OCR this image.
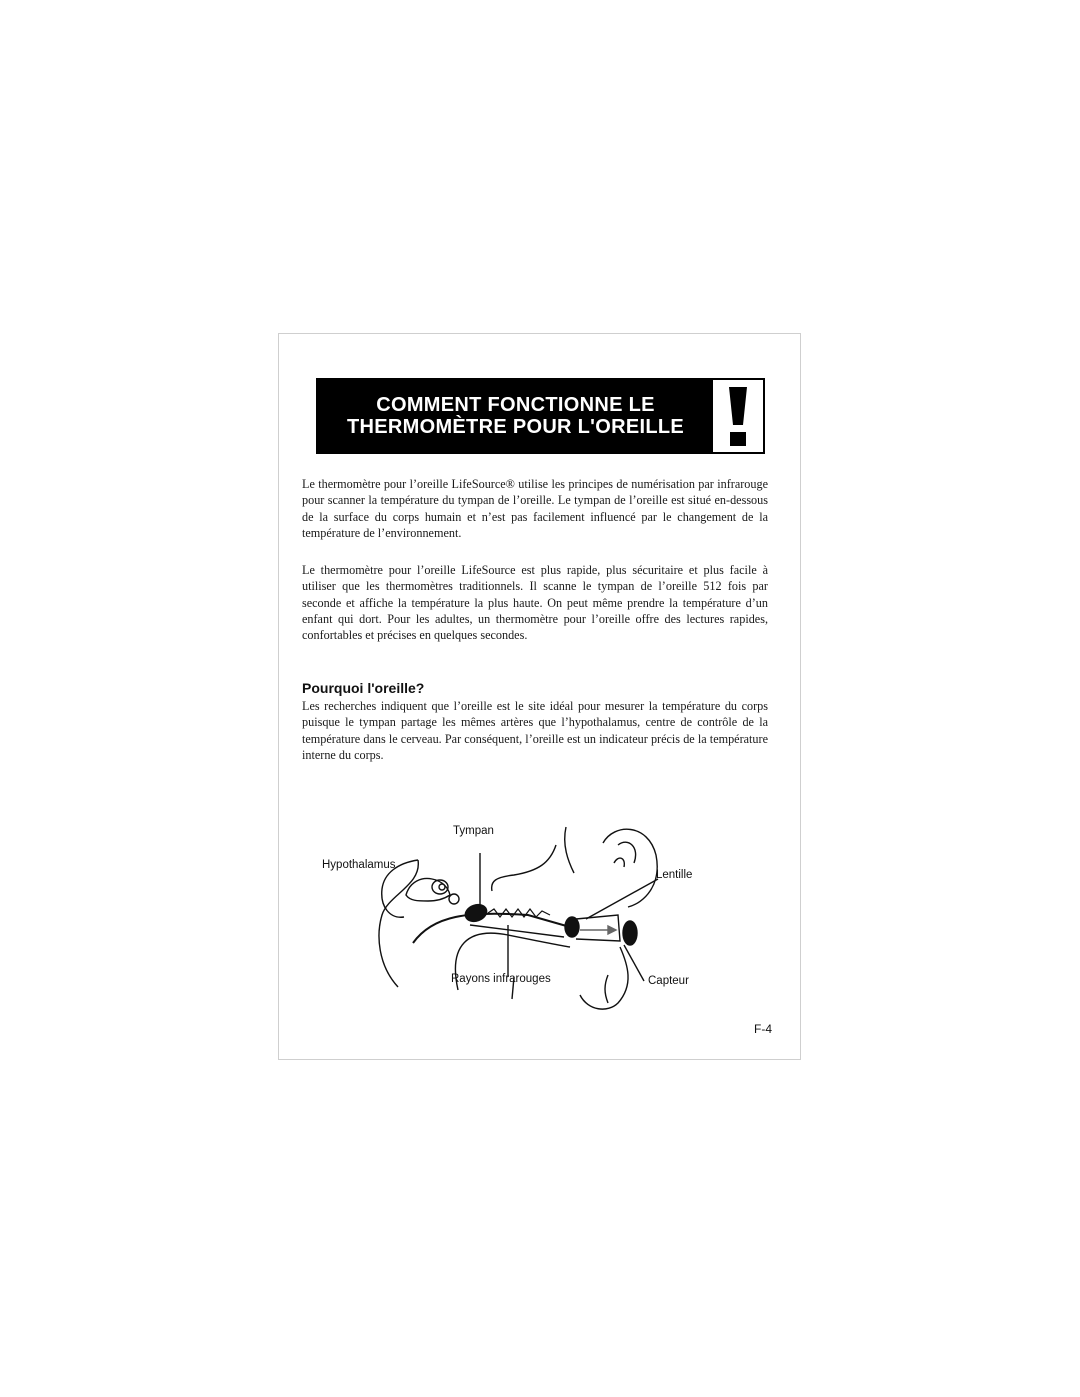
COMMENT FONCTIONNE LE
THERMOMÈTRE POUR L'OREILLE
Le thermomètre pour l’oreille LifeSource® utilise les principes de numérisation par infrarouge pour scanner la température du tympan de l’oreille. Le tympan de l’oreille est situé en-dessous de la surface du corps humain et n’est pas facilement influencé par le changement de la température de l’environnement.
Le thermomètre pour l’oreille LifeSource est plus rapide, plus sécuritaire et plus facile à utiliser que les thermomètres traditionnels. Il scanne le tympan de l’oreille 512 fois par seconde et affiche la température la plus haute. On peut même prendre la température d’un enfant qui dort. Pour les adultes, un thermomètre pour l’oreille offre des lectures rapides, confortables et précises en quelques secondes.
Pourquoi l'oreille?
Les recherches indiquent que l’oreille est le site idéal pour mesurer la température du corps puisque le tympan partage les mêmes artères que l’hypothalamus, centre de contrôle de la température dans le cerveau. Par conséquent, l’oreille est un indicateur précis de la température interne du corps.
Tympan
Hypothalamus
Lentille
Rayons infrarouges	Capteur
F-4
